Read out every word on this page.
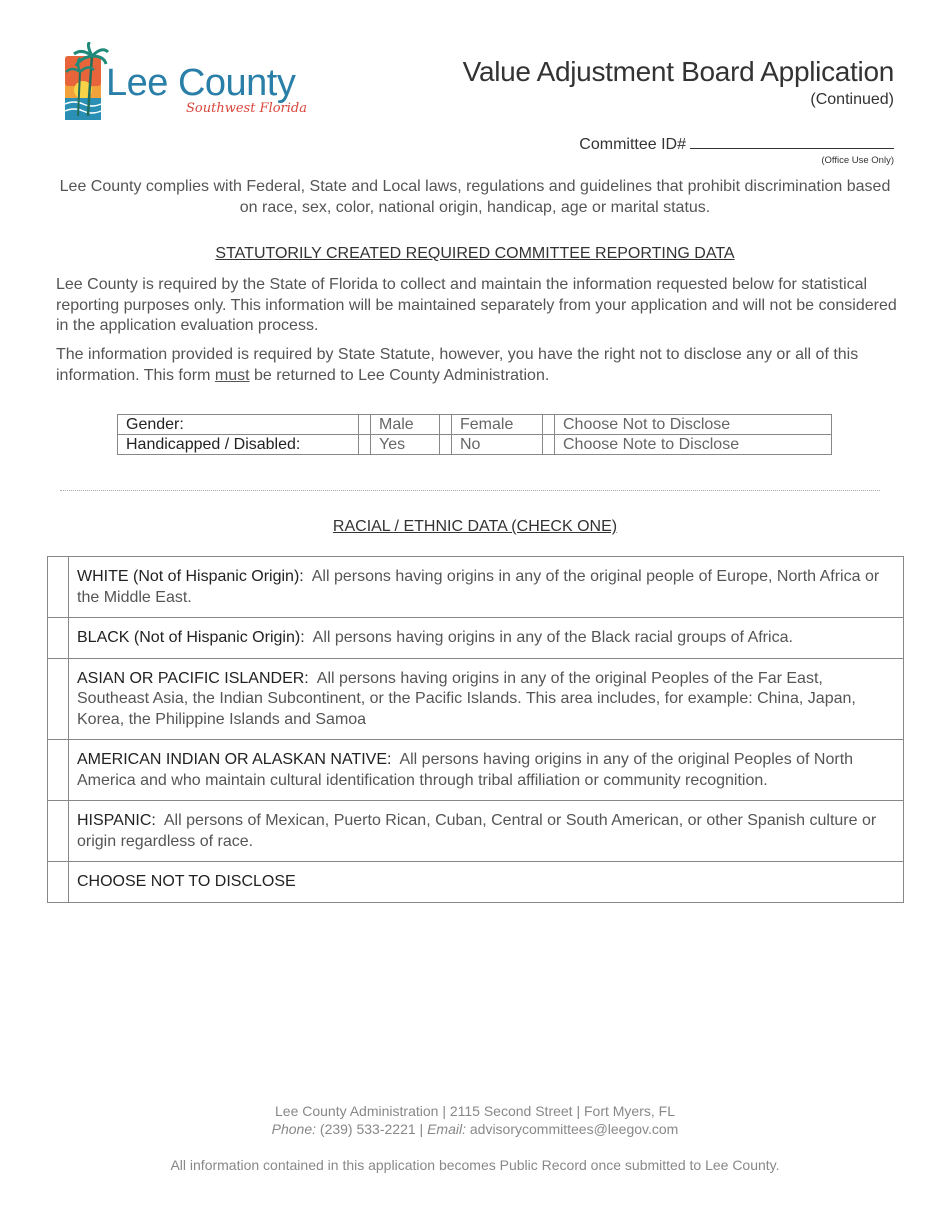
Lee County
Southwest Florida
Value Adjustment Board Application
(Continued)
Committee ID#
(Office Use Only)
Lee County complies with Federal, State and Local laws, regulations and guidelines that prohibit discrimination based on race, sex, color, national origin, handicap, age or marital status.
STATUTORILY CREATED REQUIRED COMMITTEE REPORTING DATA
Lee County is required by the State of Florida to collect and maintain the information requested below for statistical reporting purposes only. This information will be maintained separately from your application and will not be considered in the application evaluation process.
The information provided is required by State Statute, however, you have the right not to disclose any or all of this information. This form must be returned to Lee County Administration.
Gender:		Male		Female		Choose Not to Disclose
Handicapped / Disabled:		Yes		No		Choose Note to Disclose
RACIAL / ETHNIC DATA (CHECK ONE)
	WHITE (Not of Hispanic Origin): All persons having origins in any of the original people of Europe, North Africa or the Middle East.
	BLACK (Not of Hispanic Origin): All persons having origins in any of the Black racial groups of Africa.
	ASIAN OR PACIFIC ISLANDER: All persons having origins in any of the original Peoples of the Far East, Southeast Asia, the Indian Subcontinent, or the Pacific Islands. This area includes, for example: China, Japan, Korea, the Philippine Islands and Samoa
	AMERICAN INDIAN OR ALASKAN NATIVE: All persons having origins in any of the original Peoples of North America and who maintain cultural identification through tribal affiliation or community recognition.
	HISPANIC: All persons of Mexican, Puerto Rican, Cuban, Central or South American, or other Spanish culture or origin regardless of race.
	CHOOSE NOT TO DISCLOSE
Lee County Administration | 2115 Second Street | Fort Myers, FL
Phone: (239) 533-2221 | Email: advisorycommittees@leegov.com
All information contained in this application becomes Public Record once submitted to Lee County.
